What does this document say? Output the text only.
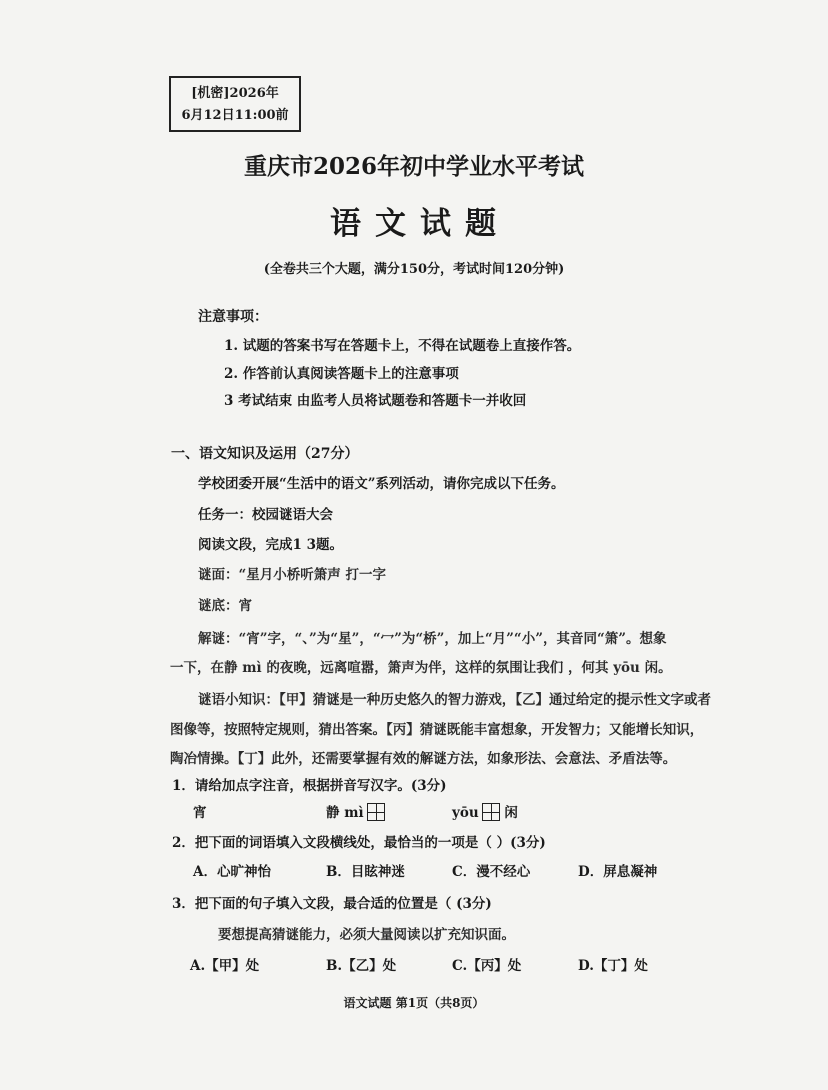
[机密]2026年
6月12日11:00前
重庆市2026年初中学业水平考试
语文试题
(全卷共三个大题，满分150分，考试时间120分钟)
注意事项：
1. 试题的答案书写在答题卡上，不得在试题卷上直接作答。
2. 作答前认真阅读答题卡上的注意事项
3 考试结束 由监考人员将试题卷和答题卡一并收回
一、语文知识及运用（27分）
学校团委开展“生活中的语文”系列活动，请你完成以下任务。
任务一：校园谜语大会
阅读文段，完成1 3题。
谜面：“星月小桥听箫声 打一字
谜底：宵
解谜：“宵”字，“、”为“星”，“冖”为“桥”，加上“月”“小”，其音同“箫”。想象
一下，在静 mì 的夜晚，远离喧嚣，箫声为伴，这样的氛围让我们 ，何其 yōu 闲。
谜语小知识：【甲】猜谜是一种历史悠久的智力游戏，【乙】通过给定的提示性文字或者
图像等，按照特定规则，猜出答案。【丙】猜谜既能丰富想象，开发智力；又能增长知识，
陶冶情操。【丁】此外，还需要掌握有效的解谜方法，如象形法、会意法、矛盾法等。
1．请给加点字注音，根据拼音写汉字。(3分)
宵	静 mì	yōu 闲
2．把下面的词语填入文段横线处，最恰当的一项是（ ）(3分)
A．心旷神怡	B．目眩神迷	C．漫不经心	D．屏息凝神
3．把下面的句子填入文段，最合适的位置是（ (3分)
要想提高猜谜能力，必须大量阅读以扩充知识面。
A.【甲】处	B.【乙】处	C.【丙】处	D.【丁】处
语文试题 第1页（共8页）
